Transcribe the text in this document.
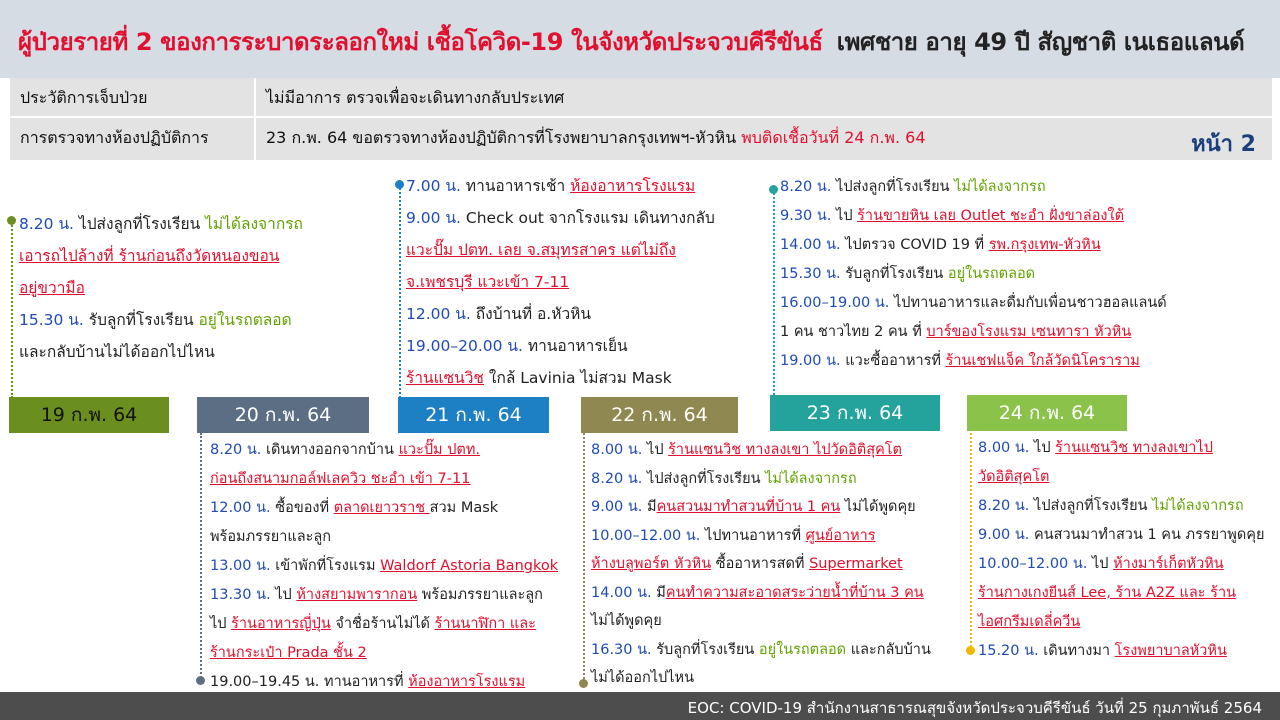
ผู้ป่วยรายที่ 2 ของการระบาดระลอกใหม่ เชื้อโควิด-19 ในจังหวัดประจวบคีรีขันธ์ เพศชาย อายุ 49 ปี สัญชาติ เนเธอแลนด์
ประวัติการเจ็บป่วย	ไม่มีอาการ ตรวจเพื่อจะเดินทางกลับประเทศ
การตรวจทางห้องปฏิบัติการ	23 ก.พ. 64 ขอตรวจทางห้องปฏิบัติการที่โรงพยาบาลกรุงเทพฯ-หัวหิน พบติดเชื้อวันที่ 24 ก.พ. 64	หน้า 2
19 ก.พ. 64	20 ก.พ. 64	21 ก.พ. 64	22 ก.พ. 64	23 ก.พ. 64	24 ก.พ. 64
8.20 น. ไปส่งลูกที่โรงเรียน ไม่ได้ลงจากรถ
เอารถไปล้างที่ ร้านก่อนถึงวัดหนองขอน
อยู่ขวามือ
15.30 น. รับลูกที่โรงเรียน อยู่ในรถตลอด
และกลับบ้านไม่ได้ออกไปไหน
8.20 น. เดินทางออกจากบ้าน แวะปั๊ม ปตท.
ก่อนถึงสนามกอล์ฟเลควิว ชะอำ เข้า 7-11
12.00 น. ซื้อของที่ ตลาดเยาวราช สวม Mask
พร้อมภรรยาและลูก
13.00 น. เข้าพักที่โรงแรม Waldorf Astoria Bangkok
13.30 น. ไป ห้างสยามพารากอน พร้อมภรรยาและลูก
ไป ร้านอาหารญี่ปุ่น จำชื่อร้านไม่ได้ ร้านนาฬิกา และ
ร้านกระเป๋า Prada ชั้น 2
19.00–19.45 น. ทานอาหารที่ ห้องอาหารโรงแรม
7.00 น. ทานอาหารเช้า ห้องอาหารโรงแรม
9.00 น. Check out จากโรงแรม เดินทางกลับ
แวะปั๊ม ปตท. เลย จ.สมุทรสาคร แต่ไม่ถึง
จ.เพชรบุรี แวะเข้า 7-11
12.00 น. ถึงบ้านที่ อ.หัวหิน
19.00–20.00 น. ทานอาหารเย็น
ร้านแซนวิช ใกล้ Lavinia ไม่สวม Mask
8.00 น. ไป ร้านแซนวิช ทางลงเขา ไปวัดอิติสุคโต
8.20 น. ไปส่งลูกที่โรงเรียน ไม่ได้ลงจากรถ
9.00 น. มีคนสวนมาทำสวนที่บ้าน 1 คน ไม่ได้พูดคุย
10.00–12.00 น. ไปทานอาหารที่ ศูนย์อาหาร
ห้างบลูพอร์ต หัวหิน ซื้ออาหารสดที่ Supermarket
14.00 น. มีคนทำความสะอาดสระว่ายน้ำที่บ้าน 3 คน
ไม่ได้พูดคุย
16.30 น. รับลูกที่โรงเรียน อยู่ในรถตลอด และกลับบ้าน
ไม่ได้ออกไปไหน
8.20 น. ไปส่งลูกที่โรงเรียน ไม่ได้ลงจากรถ
9.30 น. ไป ร้านขายหิน เลย Outlet ชะอำ ฝั่งขาล่องใต้
14.00 น. ไปตรวจ COVID 19 ที่ รพ.กรุงเทพ-หัวหิน
15.30 น. รับลูกที่โรงเรียน อยู่ในรถตลอด
16.00–19.00 น. ไปทานอาหารและดื่มกับเพื่อนชาวฮอลแลนด์
1 คน ชาวไทย 2 คน ที่ บาร์ของโรงแรม เซนทารา หัวหิน
19.00 น. แวะซื้ออาหารที่ ร้านเชฟแจ็ค ใกล้วัดนิโคราราม
8.00 น. ไป ร้านแซนวิช ทางลงเขาไป
วัดอิติสุคโต
8.20 น. ไปส่งลูกที่โรงเรียน ไม่ได้ลงจากรถ
9.00 น. คนสวนมาทำสวน 1 คน ภรรยาพูดคุย
10.00–12.00 น. ไป ห้างมาร์เก็ตหัวหิน
ร้านกางเกงยีนส์ Lee, ร้าน A2Z และ ร้าน
ไอศกรีมเดลี่ควีน
15.20 น. เดินทางมา โรงพยาบาลหัวหิน
EOC: COVID-19 สำนักงานสาธารณสุขจังหวัดประจวบคีรีขันธ์ วันที่ 25 กุมภาพันธ์ 2564
